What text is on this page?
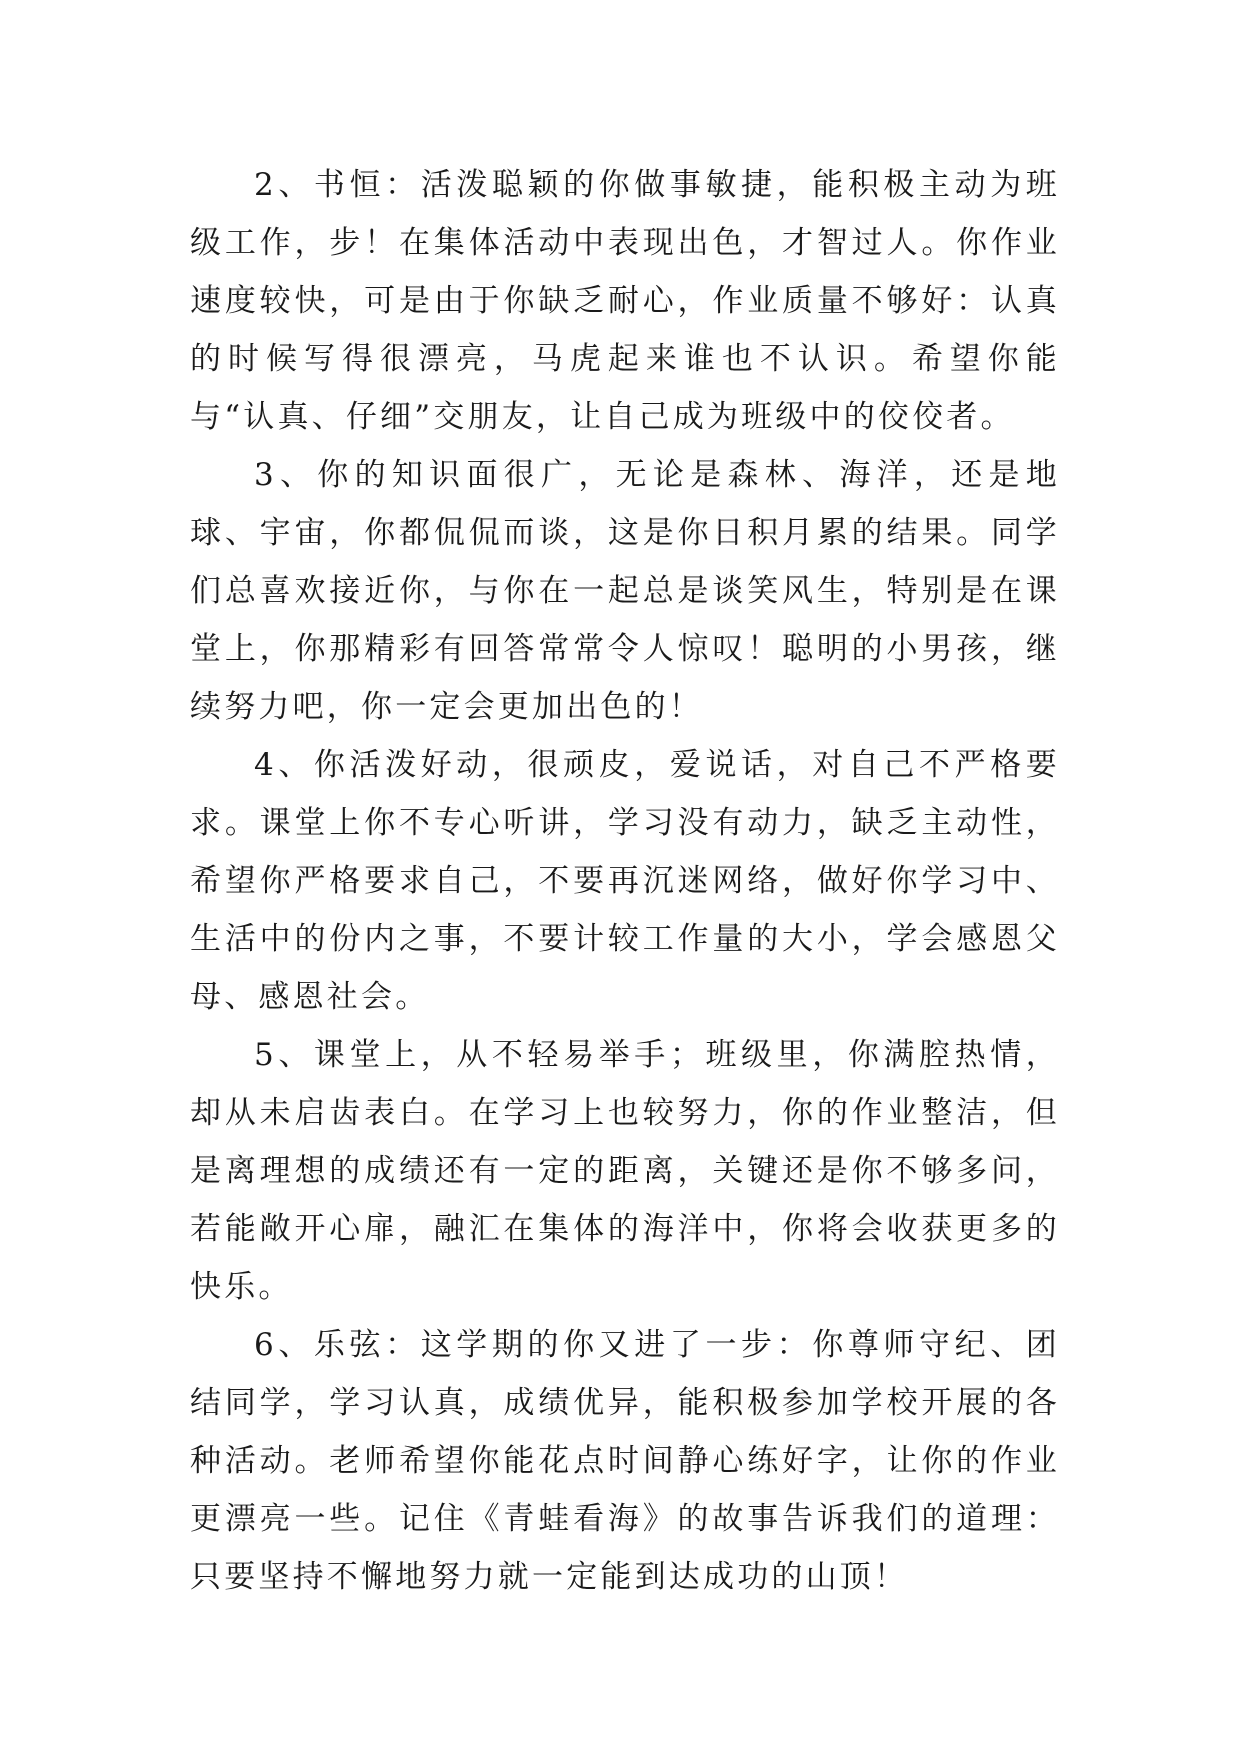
2、书恒：活泼聪颖的你做事敏捷，能积极主动为班级工作，步！在集体活动中表现出色，才智过人。你作业速度较快，可是由于你缺乏耐心，作业质量不够好：认真的时候写得很漂亮，马虎起来谁也不认识。希望你能与“认真、仔细”交朋友，让自己成为班级中的佼佼者。

3、你的知识面很广，无论是森林、海洋，还是地球、宇宙，你都侃侃而谈，这是你日积月累的结果。同学们总喜欢接近你，与你在一起总是谈笑风生，特别是在课堂上，你那精彩有回答常常令人惊叹！聪明的小男孩，继续努力吧，你一定会更加出色的！

4、你活泼好动，很顽皮，爱说话，对自己不严格要求。课堂上你不专心听讲，学习没有动力，缺乏主动性，希望你严格要求自己，不要再沉迷网络，做好你学习中、生活中的份内之事，不要计较工作量的大小，学会感恩父母、感恩社会。

5、课堂上，从不轻易举手；班级里，你满腔热情，却从未启齿表白。在学习上也较努力，你的作业整洁，但是离理想的成绩还有一定的距离，关键还是你不够多问，若能敞开心扉，融汇在集体的海洋中，你将会收获更多的快乐。

6、乐弦：这学期的你又进了一步：你尊师守纪、团结同学，学习认真，成绩优异，能积极参加学校开展的各种活动。老师希望你能花点时间静心练好字，让你的作业更漂亮一些。记住《青蛙看海》的故事告诉我们的道理：只要坚持不懈地努力就一定能到达成功的山顶！
